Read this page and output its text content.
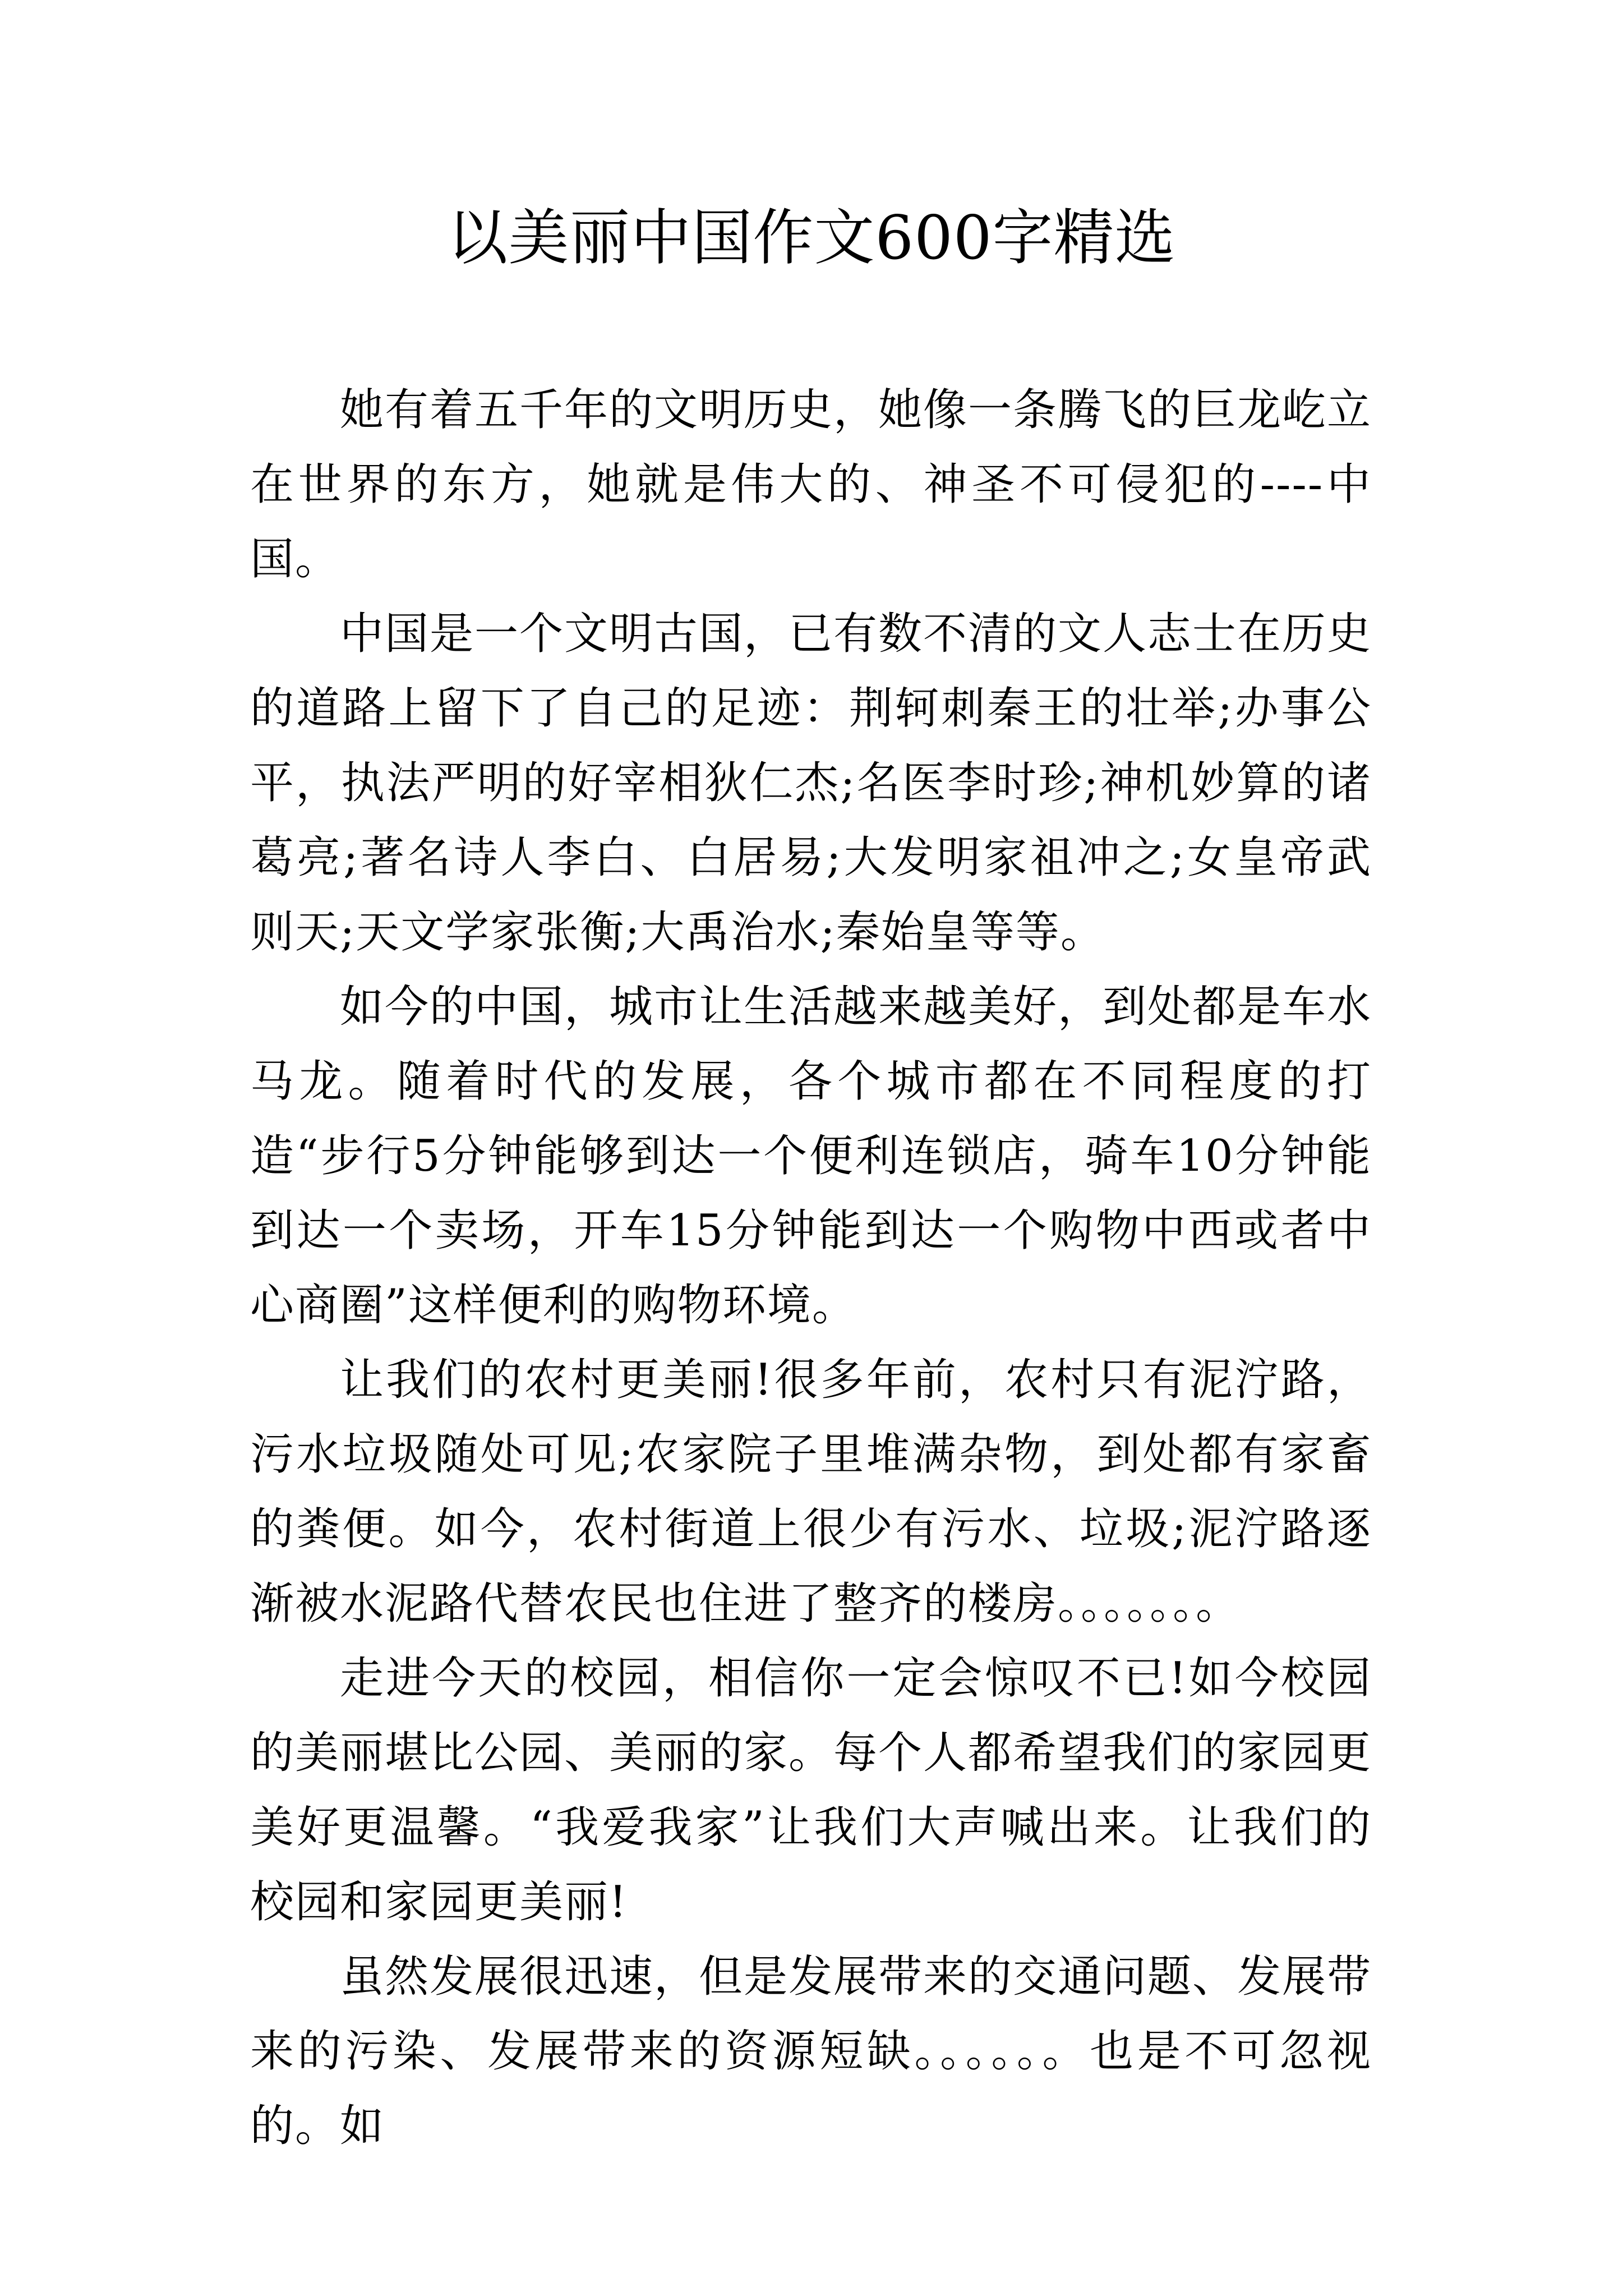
以美丽中国作文600字精选

她有着五千年的文明历史，她像一条腾飞的巨龙屹立在世界的东方，她就是伟大的、神圣不可侵犯的----中国。

中国是一个文明古国，已有数不清的文人志士在历史的道路上留下了自己的足迹：荆轲刺秦王的壮举;办事公平，执法严明的好宰相狄仁杰;名医李时珍;神机妙算的诸葛亮;著名诗人李白、白居易;大发明家祖冲之;女皇帝武则天;天文学家张衡;大禹治水;秦始皇等等。

如今的中国，城市让生活越来越美好，到处都是车水马龙。随着时代的发展，各个城市都在不同程度的打造“步行5分钟能够到达一个便利连锁店，骑车10分钟能到达一个卖场，开车15分钟能到达一个购物中西或者中心商圈”这样便利的购物环境。

让我们的农村更美丽!很多年前，农村只有泥泞路，污水垃圾随处可见;农家院子里堆满杂物，到处都有家畜的粪便。如今，农村街道上很少有污水、垃圾;泥泞路逐渐被水泥路代替农民也住进了整齐的楼房。。。。。。。

走进今天的校园，相信你一定会惊叹不已!如今校园的美丽堪比公园、美丽的家。每个人都希望我们的家园更美好更温馨。“我爱我家”让我们大声喊出来。让我们的校园和家园更美丽!

虽然发展很迅速，但是发展带来的交通问题、发展带来的污染、发展带来的资源短缺。。。。。。也是不可忽视的。如
